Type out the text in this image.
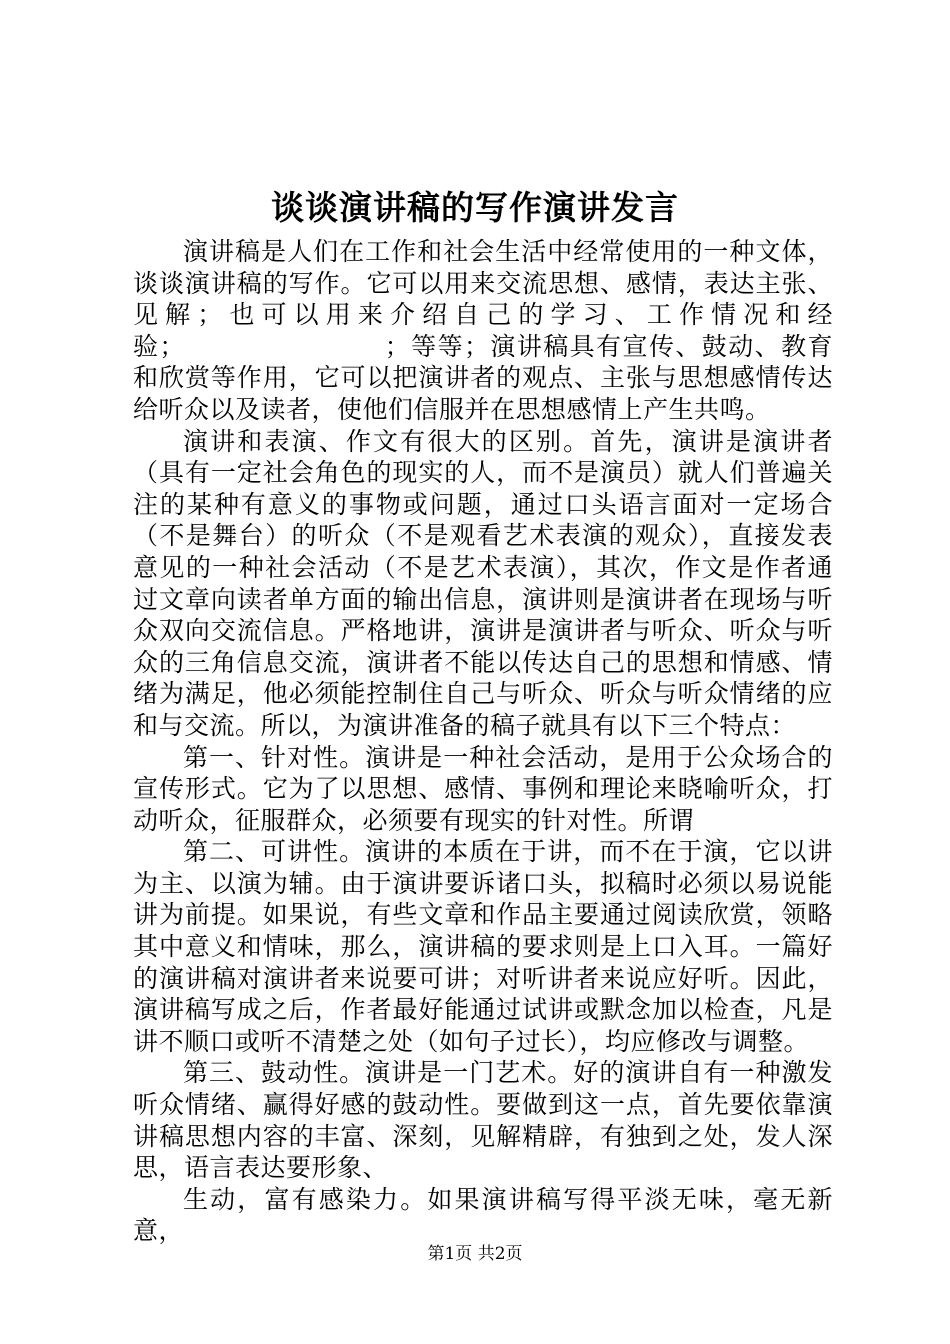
谈谈演讲稿的写作演讲发言

演讲稿是人们在工作和社会生活中经常使用的一种文体，谈谈演讲稿的写作。它可以用来交流思想、感情，表达主张、见解；也可以用来介绍自己的学习、工作情况和经验；　　　　　　　　；等等；演讲稿具有宣传、鼓动、教育和欣赏等作用，它可以把演讲者的观点、主张与思想感情传达给听众以及读者，使他们信服并在思想感情上产生共鸣。

演讲和表演、作文有很大的区别。首先，演讲是演讲者（具有一定社会角色的现实的人，而不是演员）就人们普遍关注的某种有意义的事物或问题，通过口头语言面对一定场合（不是舞台）的听众（不是观看艺术表演的观众），直接发表意见的一种社会活动（不是艺术表演），其次，作文是作者通过文章向读者单方面的输出信息，演讲则是演讲者在现场与听众双向交流信息。严格地讲，演讲是演讲者与听众、听众与听众的三角信息交流，演讲者不能以传达自己的思想和情感、情绪为满足，他必须能控制住自己与听众、听众与听众情绪的应和与交流。所以，为演讲准备的稿子就具有以下三个特点：

第一、针对性。演讲是一种社会活动，是用于公众场合的宣传形式。它为了以思想、感情、事例和理论来晓喻听众，打动听众，征服群众，必须要有现实的针对性。所谓

第二、可讲性。演讲的本质在于讲，而不在于演，它以讲为主、以演为辅。由于演讲要诉诸口头，拟稿时必须以易说能讲为前提。如果说，有些文章和作品主要通过阅读欣赏，领略其中意义和情味，那么，演讲稿的要求则是上口入耳。一篇好的演讲稿对演讲者来说要可讲；对听讲者来说应好听。因此，演讲稿写成之后，作者最好能通过试讲或默念加以检查，凡是讲不顺口或听不清楚之处（如句子过长），均应修改与调整。

第三、鼓动性。演讲是一门艺术。好的演讲自有一种激发听众情绪、赢得好感的鼓动性。要做到这一点，首先要依靠演讲稿思想内容的丰富、深刻，见解精辟，有独到之处，发人深思，语言表达要形象、

生动，富有感染力。如果演讲稿写得平淡无味，毫无新意，

第1页 共2页
